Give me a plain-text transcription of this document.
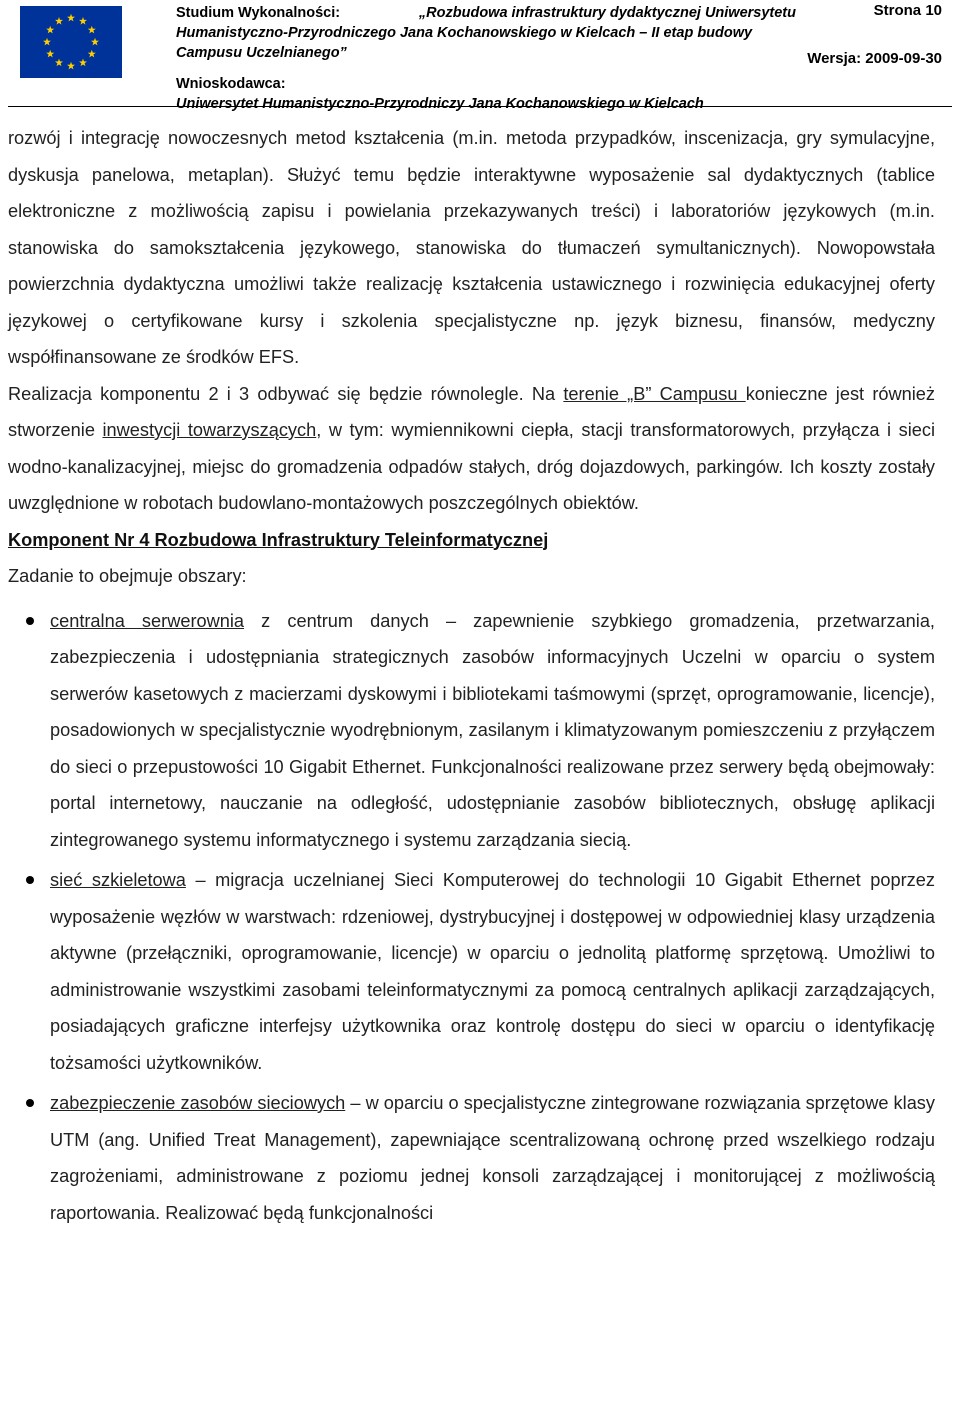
Studium Wykonalności:	„Rozbudowa infrastruktury dydaktycznej Uniwersytetu
Humanistyczno-Przyrodniczego Jana Kochanowskiego w Kielcach – II etap budowy
Campusu Uczelnianego”
Wnioskodawca:
Uniwersytet Humanistyczno-Przyrodniczy Jana Kochanowskiego w Kielcach
Strona 10
Wersja: 2009-09-30

rozwój i integrację nowoczesnych metod kształcenia (m.in. metoda przypadków, inscenizacja, gry symulacyjne, dyskusja panelowa, metaplan). Służyć temu będzie interaktywne wyposażenie sal dydaktycznych (tablice elektroniczne z możliwością zapisu i powielania przekazywanych treści) i laboratoriów językowych (m.in. stanowiska do samokształcenia językowego, stanowiska do tłumaczeń symultanicznych). Nowopowstała powierzchnia dydaktyczna umożliwi także realizację kształcenia ustawicznego i rozwinięcia edukacyjnej oferty językowej o certyfikowane kursy i szkolenia specjalistyczne np. język biznesu, finansów, medyczny współfinansowane ze środków EFS.

Realizacja komponentu 2 i 3 odbywać się będzie równolegle. Na terenie „B” Campusu konieczne jest również stworzenie inwestycji towarzyszących, w tym: wymiennikowni ciepła, stacji transformatorowych, przyłącza i sieci wodno-kanalizacyjnej, miejsc do gromadzenia odpadów stałych, dróg dojazdowych, parkingów. Ich koszty zostały uwzględnione w robotach budowlano-montażowych poszczególnych obiektów.

Komponent Nr 4 Rozbudowa Infrastruktury Teleinformatycznej

Zadanie to obejmuje obszary:

centralna serwerownia z centrum danych – zapewnienie szybkiego gromadzenia, przetwarzania, zabezpieczenia i udostępniania strategicznych zasobów informacyjnych Uczelni w oparciu o system serwerów kasetowych z macierzami dyskowymi i bibliotekami taśmowymi (sprzęt, oprogramowanie, licencje), posadowionych w specjalistycznie wyodrębnionym, zasilanym i klimatyzowanym pomieszczeniu z przyłączem do sieci o przepustowości 10 Gigabit Ethernet. Funkcjonalności realizowane przez serwery będą obejmowały: portal internetowy, nauczanie na odległość, udostępnianie zasobów bibliotecznych, obsługę aplikacji zintegrowanego systemu informatycznego i systemu zarządzania siecią.
sieć szkieletowa – migracja uczelnianej Sieci Komputerowej do technologii 10 Gigabit Ethernet poprzez wyposażenie węzłów w warstwach: rdzeniowej, dystrybucyjnej i dostępowej w odpowiedniej klasy urządzenia aktywne (przełączniki, oprogramowanie, licencje) w oparciu o jednolitą platformę sprzętową. Umożliwi to administrowanie wszystkimi zasobami teleinformatycznymi za pomocą centralnych aplikacji zarządzających, posiadających graficzne interfejsy użytkownika oraz kontrolę dostępu do sieci w oparciu o identyfikację tożsamości użytkowników.
zabezpieczenie zasobów sieciowych – w oparciu o specjalistyczne zintegrowane rozwiązania sprzętowe klasy UTM (ang. Unified Treat Management), zapewniające scentralizowaną ochronę przed wszelkiego rodzaju zagrożeniami, administrowane z poziomu jednej konsoli zarządzającej i monitorującej z możliwością raportowania. Realizować będą funkcjonalności
